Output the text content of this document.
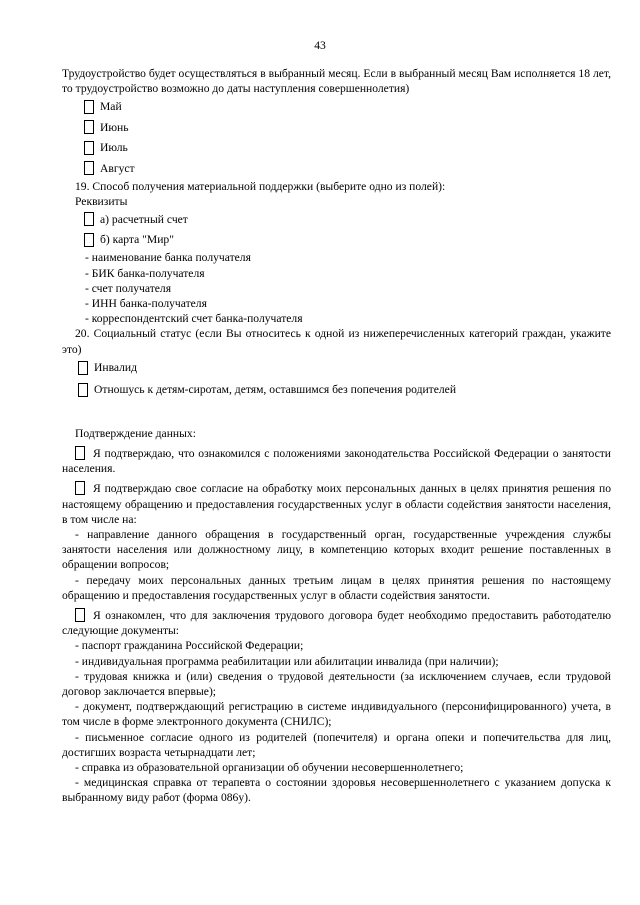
43

Трудоустройство будет осуществляться в выбранный месяц. Если в выбранный месяц Вам исполняется 18 лет, то трудоустройство возможно до даты наступления совершеннолетия)

Май
Июнь
Июль
Август

19. Способ получения материальной поддержки (выберите одно из полей):

Реквизиты

а) расчетный счет
б) карта "Мир"

- наименование банка получателя

- БИК банка-получателя

- счет получателя

- ИНН банка-получателя

- корреспондентский счет банка-получателя

20. Социальный статус (если Вы относитесь к одной из нижеперечисленных категорий граждан, укажите это)

Инвалид
Отношусь к детям-сиротам, детям, оставшимся без попечения родителей

Подтверждение данных:

Я подтверждаю, что ознакомился с положениями законодательства Российской Федерации о занятости населения.

Я подтверждаю свое согласие на обработку моих персональных данных в целях принятия решения по настоящему обращению и предоставления государственных услуг в области содействия занятости населения, в том числе на:

- направление данного обращения в государственный орган, государственные учреждения службы занятости населения или должностному лицу, в компетенцию которых входит решение поставленных в обращении вопросов;

- передачу моих персональных данных третьим лицам в целях принятия решения по настоящему обращению и предоставления государственных услуг в области содействия занятости.

Я ознакомлен, что для заключения трудового договора будет необходимо предоставить работодателю следующие документы:

- паспорт гражданина Российской Федерации;

- индивидуальная программа реабилитации или абилитации инвалида (при наличии);

- трудовая книжка и (или) сведения о трудовой деятельности (за исключением случаев, если трудовой договор заключается впервые);

- документ, подтверждающий регистрацию в системе индивидуального (персонифицированного) учета, в том числе в форме электронного документа (СНИЛС);

- письменное согласие одного из родителей (попечителя) и органа опеки и попечительства для лиц, достигших возраста четырнадцати лет;

- справка из образовательной организации об обучении несовершеннолетнего;

- медицинская справка от терапевта о состоянии здоровья несовершеннолетнего с указанием допуска к выбранному виду работ (форма 086у).
